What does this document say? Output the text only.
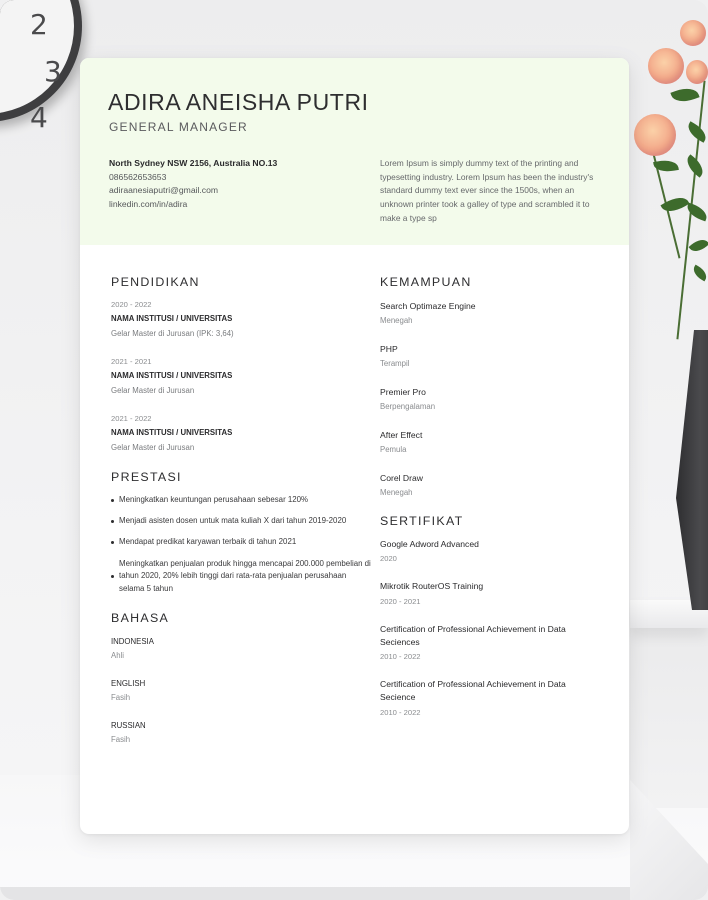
2
3
4	ADIRA ANEISHA PUTRI
GENERAL MANAGER
North Sydney NSW 2156, Australia NO.13
086562653653
adiraanesiaputri@gmail.com
linkedin.com/in/adira

Lorem Ipsum is simply dummy text of the printing and typesetting industry. Lorem Ipsum has been the industry's standard dummy text ever since the 1500s, when an unknown printer took a galley of type and scrambled it to make a type sp

PENDIDIKAN
2020 - 2022
NAMA INSTITUSI / UNIVERSITAS
Gelar Master di Jurusan (IPK: 3,64)
2021 - 2021
NAMA INSTITUSI / UNIVERSITAS
Gelar Master di Jurusan
2021 - 2022
NAMA INSTITUSI / UNIVERSITAS
Gelar Master di Jurusan
PRESTASI
Meningkatkan keuntungan perusahaan sebesar 120%
Menjadi asisten dosen untuk mata kuliah X dari tahun 2019-2020
Mendapat predikat karyawan terbaik di tahun 2021
Meningkatkan penjualan produk hingga mencapai 200.000 pembelian di tahun 2020, 20% lebih tinggi dari rata-rata penjualan perusahaan selama 5 tahun
BAHASA
INDONESIA
Ahli
ENGLISH
Fasih
RUSSIAN
Fasih
KEMAMPUAN
Search Optimaze Engine
Menegah
PHP
Terampil
Premier Pro
Berpengalaman
After Effect
Pemula
Corel Draw
Menegah
SERTIFIKAT
Google Adword Advanced
2020
Mikrotik RouterOS Training
2020 - 2021
Certification of Professional Achievement in Data Seciences
2010 - 2022
Certification of Professional Achievement in Data Secience
2010 - 2022
